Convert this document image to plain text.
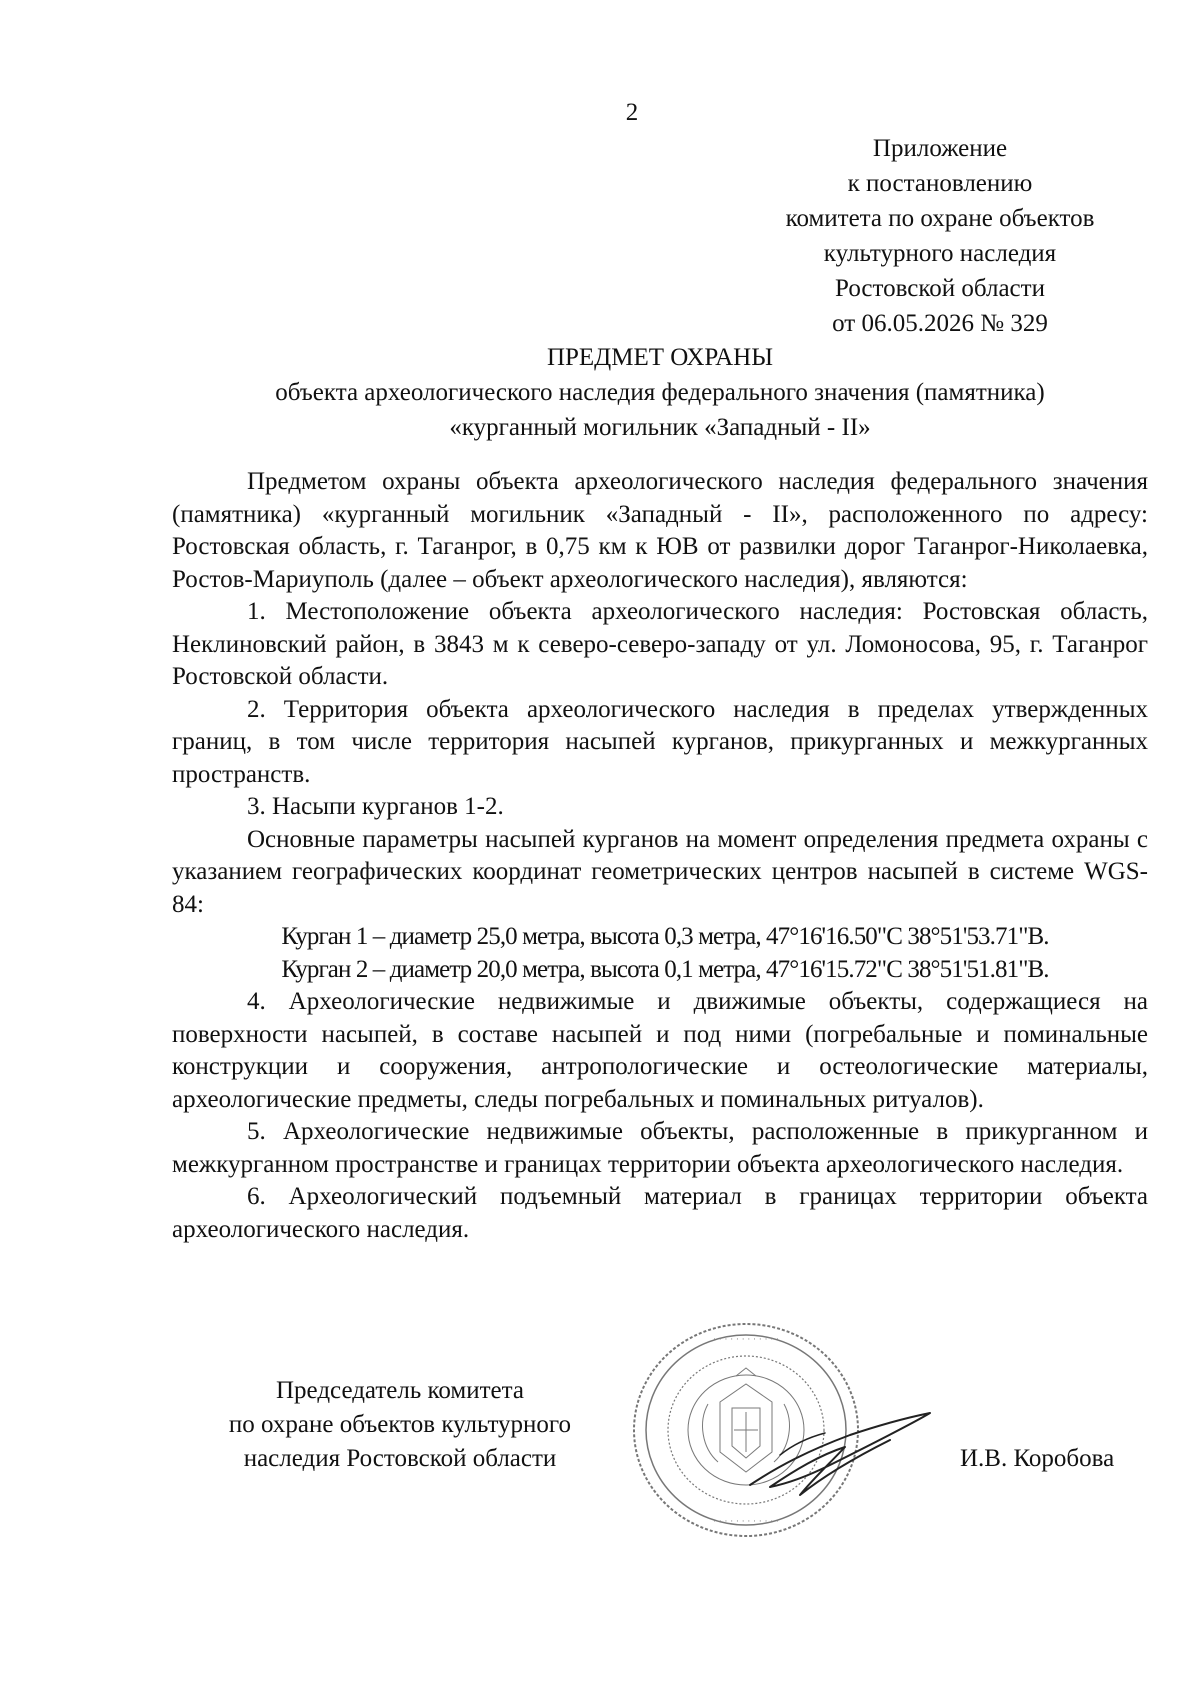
2
Приложение
к постановлению
комитета по охране объектов
культурного наследия
Ростовской области
от 06.05.2026 № 329
ПРЕДМЕТ ОХРАНЫ
объекта археологического наследия федерального значения (памятника)
«курганный могильник «Западный - II»

Предметом охраны объекта археологического наследия федерального значения (памятника) «курганный могильник «Западный - II», расположенного по адресу: Ростовская область, г. Таганрог, в 0,75 км к ЮВ от развилки дорог Таганрог-Николаевка, Ростов-Мариуполь (далее – объект археологического наследия), являются:

1. Местоположение объекта археологического наследия: Ростовская область, Неклиновский район, в 3843 м к северо-северо-западу от ул. Ломоносова, 95, г. Таганрог Ростовской области.

2. Территория объекта археологического наследия в пределах утвержденных границ, в том числе территория насыпей курганов, прикурганных и межкурганных пространств.

3. Насыпи курганов 1-2.

Основные параметры насыпей курганов на момент определения предмета охраны с указанием географических координат геометрических центров насыпей в системе WGS-84:

Курган 1 – диаметр 25,0 метра, высота 0,3 метра, 47°16'16.50"С 38°51'53.71"В.

Курган 2 – диаметр 20,0 метра, высота 0,1 метра, 47°16'15.72"С 38°51'51.81"В.

4. Археологические недвижимые и движимые объекты, содержащиеся на поверхности насыпей, в составе насыпей и под ними (погребальные и поминальные конструкции и сооружения, антропологические и остеологические материалы, археологические предметы, следы погребальных и поминальных ритуалов).

5. Археологические недвижимые объекты, расположенные в прикурганном и межкурганном пространстве и границах территории объекта археологического наследия.

6. Археологический подъемный материал в границах территории объекта археологического наследия.

Председатель комитета
по охране объектов культурного
наследия Ростовской области
· · · · · · · · · · · ·
· · · · · · · · · · · ·
И.В. Коробова
